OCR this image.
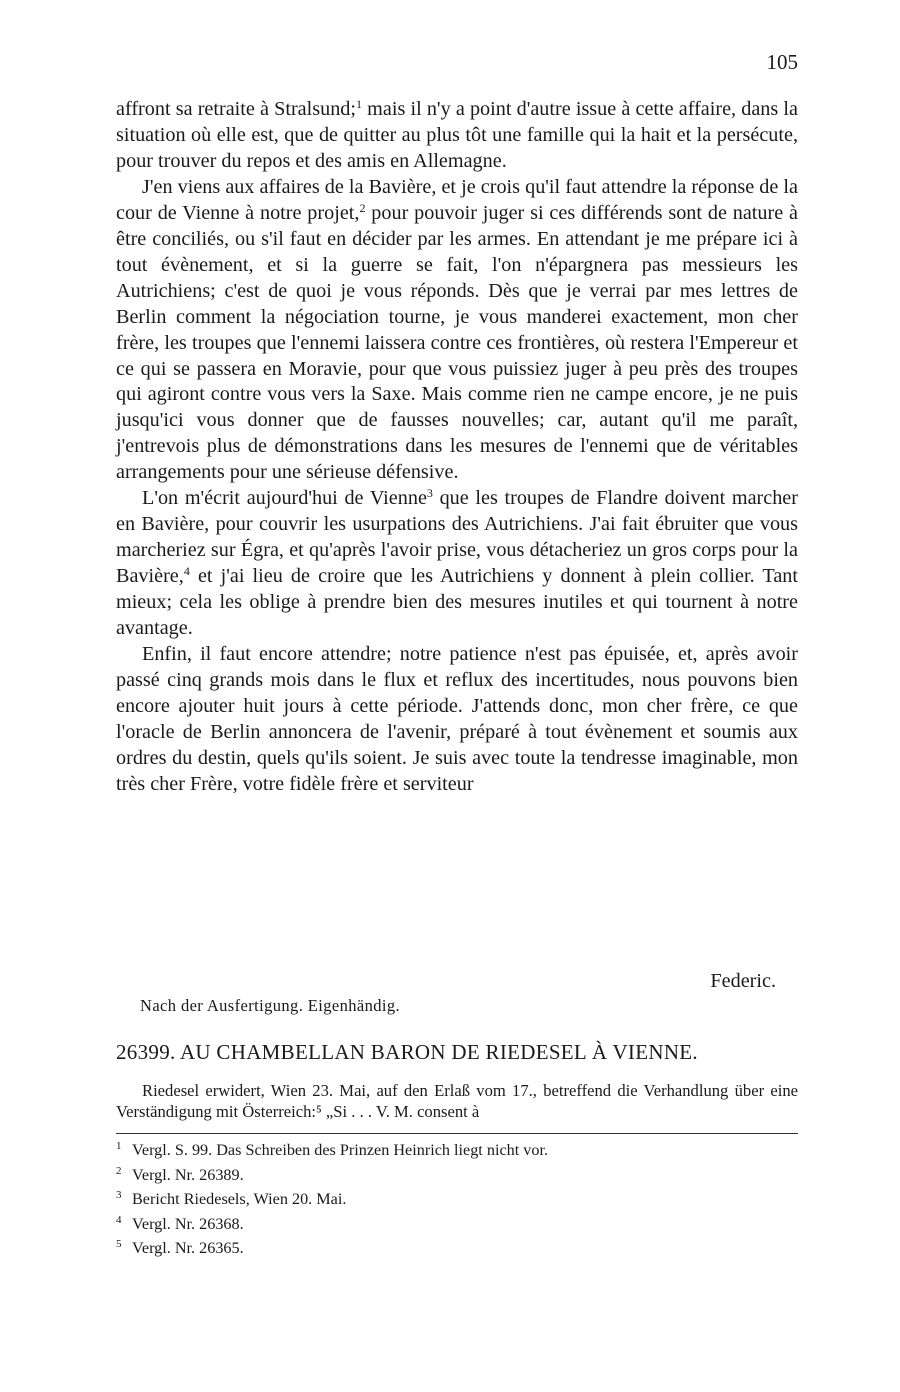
105

affront sa retraite à Stralsund;$^1$ mais il n'y a point d'autre issue à cette affaire, dans la situation où elle est, que de quitter au plus tôt une famille qui la hait et la persécute, pour trouver du repos et des amis en Allemagne.

J'en viens aux affaires de la Bavière, et je crois qu'il faut attendre la réponse de la cour de Vienne à notre projet,$^2$ pour pouvoir juger si ces différends sont de nature à être conciliés, ou s'il faut en décider par les armes. En attendant je me prépare ici à tout évènement, et si la guerre se fait, l'on n'épargnera pas messieurs les Autrichiens; c'est de quoi je vous réponds. Dès que je verrai par mes lettres de Berlin comment la négociation tourne, je vous manderei exactement, mon cher frère, les troupes que l'ennemi laissera contre ces frontières, où restera l'Empereur et ce qui se passera en Moravie, pour que vous puissiez juger à peu près des troupes qui agiront contre vous vers la Saxe. Mais comme rien ne campe encore, je ne puis jusqu'ici vous donner que de fausses nouvelles; car, autant qu'il me paraît, j'entrevois plus de démonstrations dans les mesures de l'ennemi que de véritables arrangements pour une sérieuse défensive.

L'on m'écrit aujourd'hui de Vienne$^3$ que les troupes de Flandre doivent marcher en Bavière, pour couvrir les usurpations des Autrichiens. J'ai fait ébruiter que vous marcheriez sur Égra, et qu'après l'avoir prise, vous détacheriez un gros corps pour la Bavière,$^4$ et j'ai lieu de croire que les Autrichiens y donnent à plein collier. Tant mieux; cela les oblige à prendre bien des mesures inutiles et qui tournent à notre avantage.

Enfin, il faut encore attendre; notre patience n'est pas épuisée, et, après avoir passé cinq grands mois dans le flux et reflux des incertitudes, nous pouvons bien encore ajouter huit jours à cette période. J'attends donc, mon cher frère, ce que l'oracle de Berlin annoncera de l'avenir, préparé à tout évènement et soumis aux ordres du destin, quels qu'ils soient. Je suis avec toute la tendresse imaginable, mon très cher Frère, votre fidèle frère et serviteur

Federic.
Nach der Ausfertigung. Eigenhändig.
26399. AU CHAMBELLAN BARON DE RIEDESEL À VIENNE.

Riedesel erwidert, Wien 23. Mai, auf den Erlaß vom 17., betreffend die Verhandlung über eine Verständigung mit Österreich:⁵ „Si . . . V. M. consent à

1 Vergl. S. 99. Das Schreiben des Prinzen Heinrich liegt nicht vor.
2 Vergl. Nr. 26389.
3 Bericht Riedesels, Wien 20. Mai.
4 Vergl. Nr. 26368.
5 Vergl. Nr. 26365.
